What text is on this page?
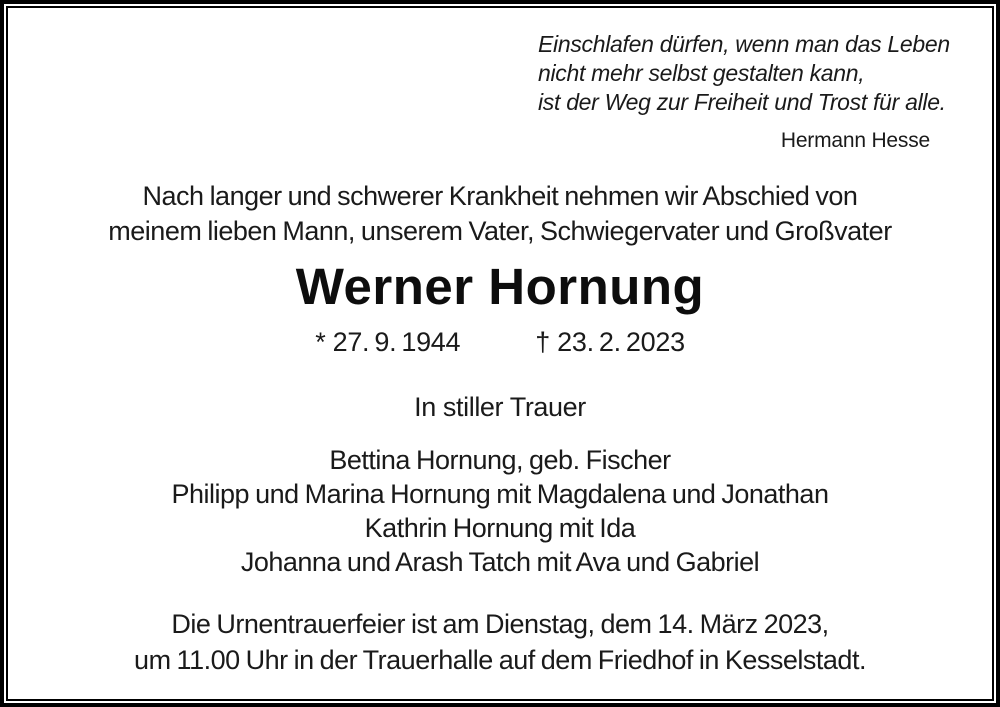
Einschlafen dürfen, wenn man das Leben
nicht mehr selbst gestalten kann,
ist der Weg zur Freiheit und Trost für alle.
Hermann Hesse
Nach langer und schwerer Krankheit nehmen wir Abschied von
meinem lieben Mann, unserem Vater, Schwiegervater und Großvater
Werner Hornung
* 27. 9. 1944	† 23. 2. 2023
In stiller Trauer
Bettina Hornung, geb. Fischer
Philipp und Marina Hornung mit Magdalena und Jonathan
Kathrin Hornung mit Ida
Johanna und Arash Tatch mit Ava und Gabriel
Die Urnentrauerfeier ist am Dienstag, dem 14. März 2023,
um 11.00 Uhr in der Trauerhalle auf dem Friedhof in Kesselstadt.
